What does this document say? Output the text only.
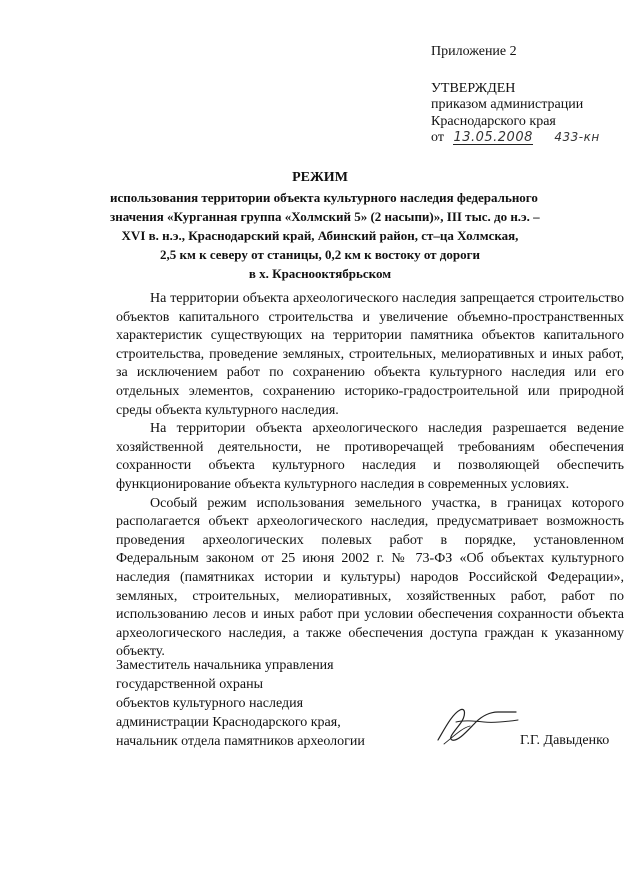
Приложение 2
УТВЕРЖДЕН
приказом администрации
Краснодарского края
от 13.05.2008 433-кн
РЕЖИМ
использования территории объекта культурного наследия федерального
значения «Курганная группа «Холмский 5» (2 насыпи)», III тыс. до н.э. –
XVI в. н.э., Краснодарский край, Абинский район, ст–ца Холмская,
2,5 км к северу от станицы, 0,2 км к востоку от дороги
в х. Краснооктябрьском

На территории объекта археологического наследия запрещается строительство объектов капитального строительства и увеличение объемно-пространственных характеристик существующих на территории памятника объектов капитального строительства, проведение земляных, строительных, мелиоративных и иных работ, за исключением работ по сохранению объекта культурного наследия или его отдельных элементов, сохранению историко-градостроительной или природной среды объекта культурного наследия.

На территории объекта археологического наследия разрешается ведение хозяйственной деятельности, не противоречащей требованиям обеспечения сохранности объекта культурного наследия и позволяющей обеспечить функционирование объекта культурного наследия в современных условиях.

Особый режим использования земельного участка, в границах которого располагается объект археологического наследия, предусматривает возможность проведения археологических полевых работ в порядке, установленном Федеральным законом от 25 июня 2002 г. № 73-ФЗ «Об объектах культурного наследия (памятниках истории и культуры) народов Российской Федерации», земляных, строительных, мелиоративных, хозяйственных работ, работ по использованию лесов и иных работ при условии обеспечения сохранности объекта археологического наследия, а также обеспечения доступа граждан к указанному объекту.

Заместитель начальника управления
государственной охраны
объектов культурного наследия
администрации Краснодарского края,
начальник отдела памятников археологии	Г.Г. Давыденко
